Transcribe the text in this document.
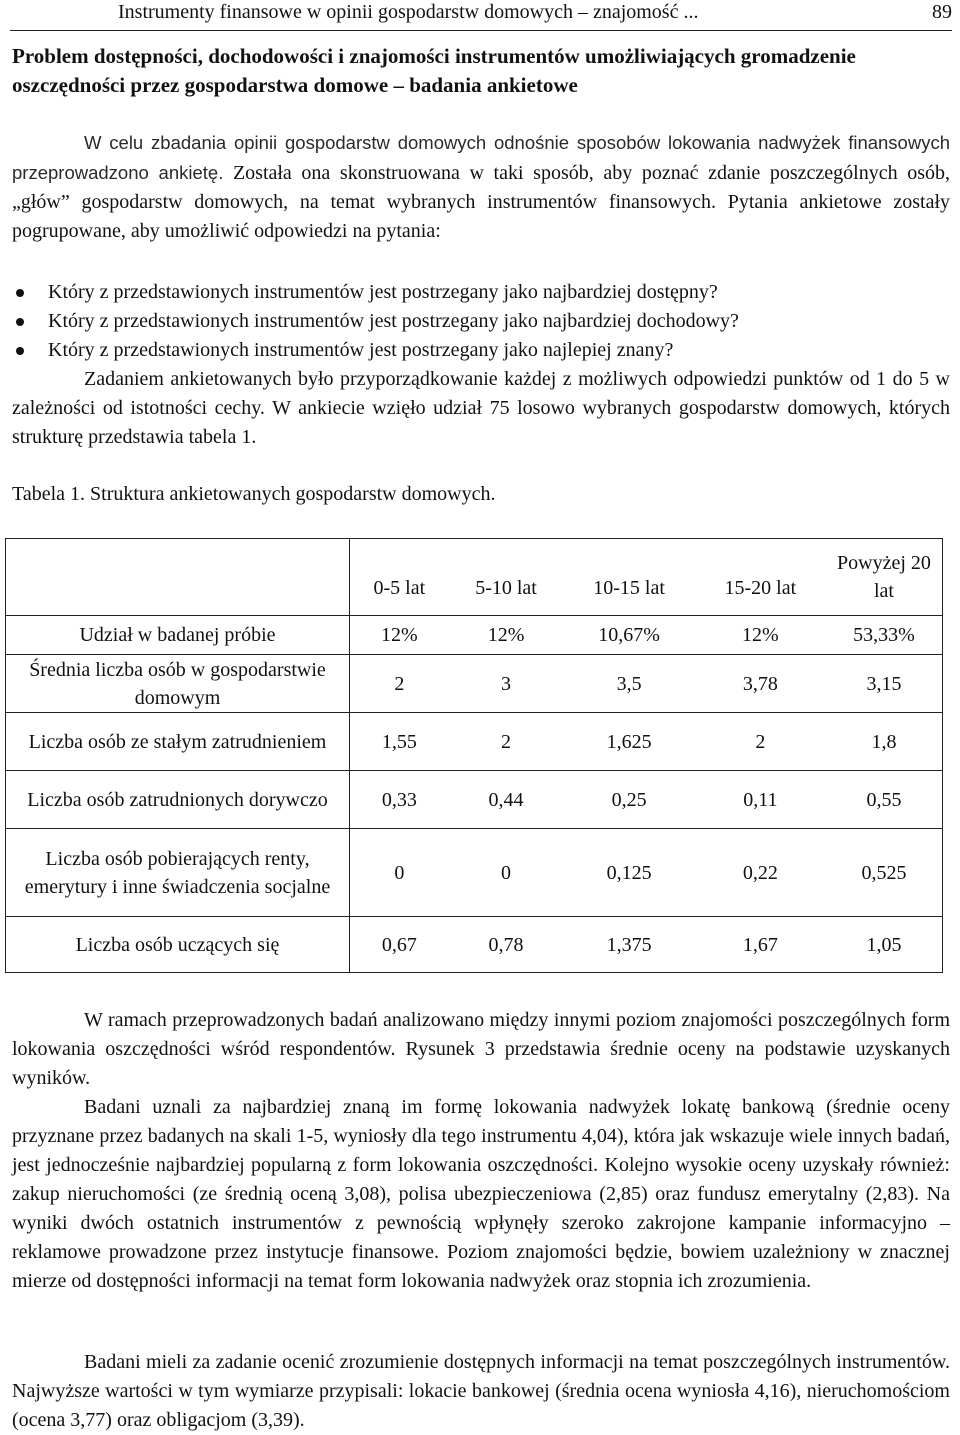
Instrumenty finansowe w opinii gospodarstw domowych – znajomość ...	89
Problem dostępności, dochodowości i znajomości instrumentów umożliwiających gromadzenie oszczędności przez gospodarstwa domowe – badania ankietowe

W celu zbadania opinii gospodarstw domowych odnośnie sposobów lokowania nadwyżek finansowych przeprowadzono ankietę. Została ona skonstruowana w taki sposób, aby poznać zdanie poszczególnych osób, „głów” gospodarstw domowych, na temat wybranych instrumentów finansowych. Pytania ankietowe zostały pogrupowane, aby umożliwić odpowiedzi na pytania:

Który z przedstawionych instrumentów jest postrzegany jako najbardziej dostępny?
Który z przedstawionych instrumentów jest postrzegany jako najbardziej dochodowy?
Który z przedstawionych instrumentów jest postrzegany jako najlepiej znany?

Zadaniem ankietowanych było przyporządkowanie każdej z możliwych odpowiedzi punktów od 1 do 5 w zależności od istotności cechy. W ankiecie wzięło udział 75 losowo wybranych gospodarstw domowych, których strukturę przedstawia tabela 1.

Tabela 1. Struktura ankietowanych gospodarstw domowych.
	0-5 lat	5-10 lat	10-15 lat	15-20 lat	Powyżej 20 lat
Udział w badanej próbie	12%	12%	10,67%	12%	53,33%
Średnia liczba osób w gospodarstwie domowym	2	3	3,5	3,78	3,15
Liczba osób ze stałym zatrudnieniem	1,55	2	1,625	2	1,8
Liczba osób zatrudnionych dorywczo	0,33	0,44	0,25	0,11	0,55
Liczba osób pobierających renty, emerytury i inne świadczenia socjalne	0	0	0,125	0,22	0,525
Liczba osób uczących się	0,67	0,78	1,375	1,67	1,05

W ramach przeprowadzonych badań analizowano między innymi poziom znajomości poszczególnych form lokowania oszczędności wśród respondentów. Rysunek 3 przedstawia średnie oceny na podstawie uzyskanych wyników.

Badani uznali za najbardziej znaną im formę lokowania nadwyżek lokatę bankową (średnie oceny przyznane przez badanych na skali 1-5, wyniosły dla tego instrumentu 4,04), która jak wskazuje wiele innych badań, jest jednocześnie najbardziej popularną z form lokowania oszczędności. Kolejno wysokie oceny uzyskały również: zakup nieruchomości (ze średnią oceną 3,08), polisa ubezpieczeniowa (2,85) oraz fundusz emerytalny (2,83). Na wyniki dwóch ostatnich instrumentów z pewnością wpłynęły szeroko zakrojone kampanie informacyjno – reklamowe prowadzone przez instytucje finansowe. Poziom znajomości będzie, bowiem uzależniony w znacznej mierze od dostępności informacji na temat form lokowania nadwyżek oraz stopnia ich zrozumienia.

Badani mieli za zadanie ocenić zrozumienie dostępnych informacji na temat poszczególnych instrumentów. Najwyższe wartości w tym wymiarze przypisali: lokacie bankowej (średnia ocena wyniosła 4,16), nieruchomościom (ocena 3,77) oraz obligacjom (3,39).
